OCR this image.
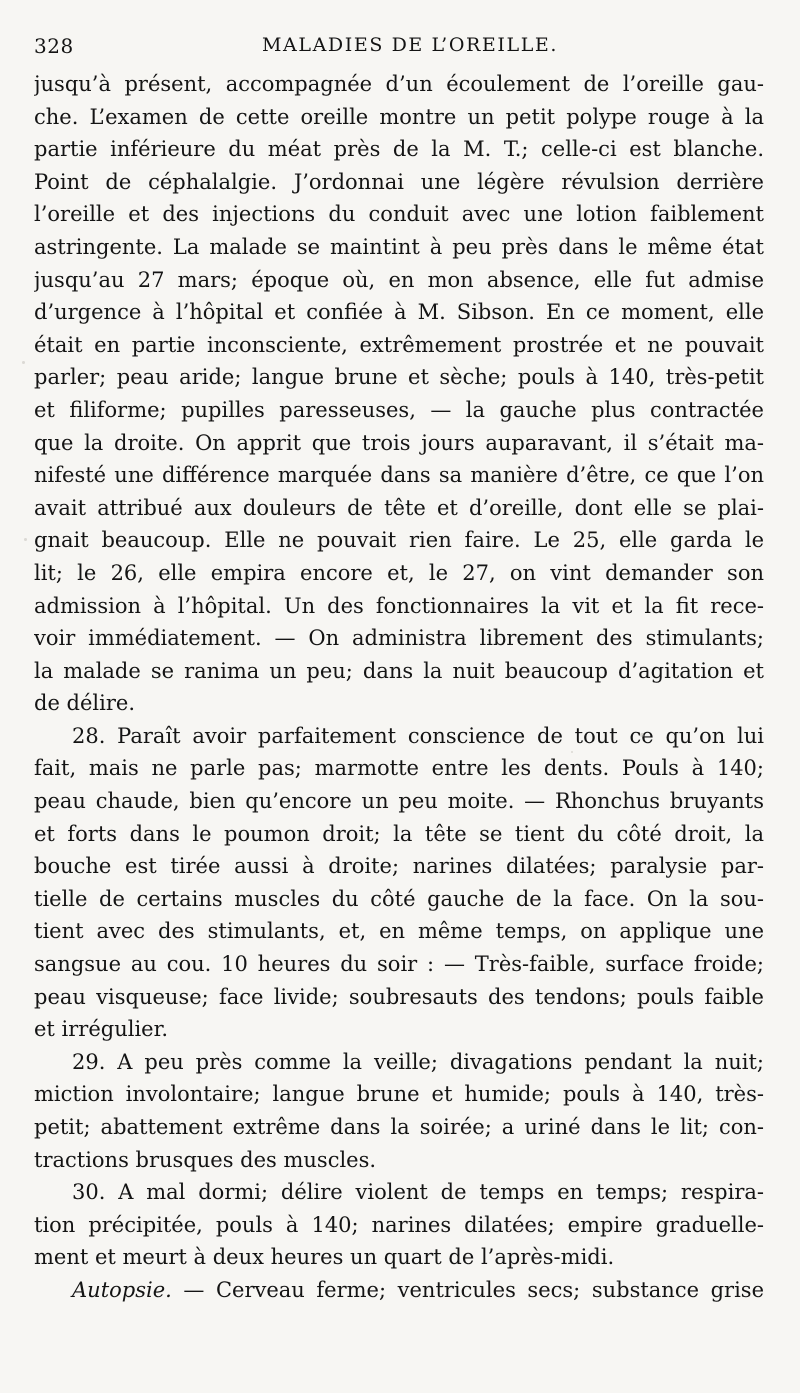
328	MALADIES DE L’OREILLE.
jusqu’à présent, accompagnée d’un écoulement de l’oreille gau-
che. L’examen de cette oreille montre un petit polype rouge à la
partie inférieure du méat près de la M. T.; celle-ci est blanche.
Point de céphalalgie. J’ordonnai une légère révulsion derrière
l’oreille et des injections du conduit avec une lotion faiblement
astringente. La malade se maintint à peu près dans le même état
jusqu’au 27 mars; époque où, en mon absence, elle fut admise
d’urgence à l’hôpital et confiée à M. Sibson. En ce moment, elle
était en partie inconsciente, extrêmement prostrée et ne pouvait
parler; peau aride; langue brune et sèche; pouls à 140, très-petit
et filiforme; pupilles paresseuses, — la gauche plus contractée
que la droite. On apprit que trois jours auparavant, il s’était ma-
nifesté une différence marquée dans sa manière d’être, ce que l’on
avait attribué aux douleurs de tête et d’oreille, dont elle se plai-
gnait beaucoup. Elle ne pouvait rien faire. Le 25, elle garda le
lit; le 26, elle empira encore et, le 27, on vint demander son
admission à l’hôpital. Un des fonctionnaires la vit et la fit rece-
voir immédiatement. — On administra librement des stimulants;
la malade se ranima un peu; dans la nuit beaucoup d’agitation et
de délire.
28. Paraît avoir parfaitement conscience de tout ce qu’on lui
fait, mais ne parle pas; marmotte entre les dents. Pouls à 140;
peau chaude, bien qu’encore un peu moite. — Rhonchus bruyants
et forts dans le poumon droit; la tête se tient du côté droit, la
bouche est tirée aussi à droite; narines dilatées; paralysie par-
tielle de certains muscles du côté gauche de la face. On la sou-
tient avec des stimulants, et, en même temps, on applique une
sangsue au cou. 10 heures du soir : — Très-faible, surface froide;
peau visqueuse; face livide; soubresauts des tendons; pouls faible
et irrégulier.
29. A peu près comme la veille; divagations pendant la nuit;
miction involontaire; langue brune et humide; pouls à 140, très-
petit; abattement extrême dans la soirée; a uriné dans le lit; con-
tractions brusques des muscles.
30. A mal dormi; délire violent de temps en temps; respira-
tion précipitée, pouls à 140; narines dilatées; empire graduelle-
ment et meurt à deux heures un quart de l’après-midi.
Autopsie. — Cerveau ferme; ventricules secs; substance grise
